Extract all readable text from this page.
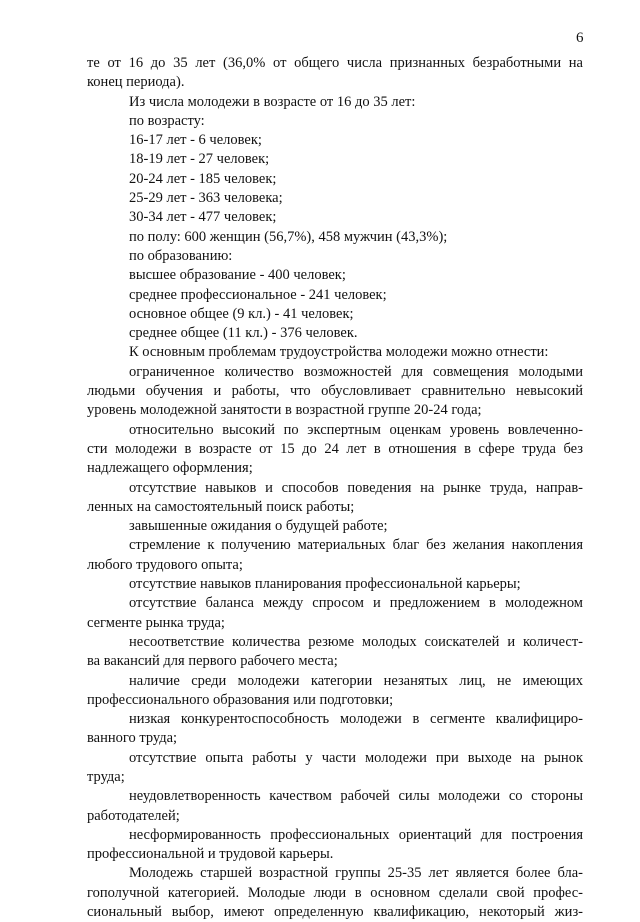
6

те от 16 до 35 лет (36,0% от общего числа признанных безработными на

конец периода).

Из числа молодежи в возрасте от 16 до 35 лет:

по возрасту:

16-17 лет - 6 человек;

18-19 лет - 27 человек;

20-24 лет - 185 человек;

25-29 лет - 363 человека;

30-34 лет - 477 человек;

по полу: 600 женщин (56,7%), 458 мужчин (43,3%);

по образованию:

высшее образование - 400 человек;

среднее профессиональное - 241 человек;

основное общее (9 кл.) - 41 человек;

среднее общее (11 кл.) - 376 человек.

К основным проблемам трудоустройства молодежи можно отнести:

ограниченное количество возможностей для совмещения молодыми

людьми обучения и работы, что обусловливает сравнительно невысокий

уровень молодежной занятости в возрастной группе 20-24 года;

относительно высокий по экспертным оценкам уровень вовлеченно-

сти молодежи в возрасте от 15 до 24 лет в отношения в сфере труда без

надлежащего оформления;

отсутствие навыков и способов поведения на рынке труда, направ-

ленных на самостоятельный поиск работы;

завышенные ожидания о будущей работе;

стремление к получению материальных благ без желания накопления

любого трудового опыта;

отсутствие навыков планирования профессиональной карьеры;

отсутствие баланса между спросом и предложением в молодежном

сегменте рынка труда;

несоответствие количества резюме молодых соискателей и количест-

ва вакансий для первого рабочего места;

наличие среди молодежи категории незанятых лиц, не имеющих

профессионального образования или подготовки;

низкая конкурентоспособность молодежи в сегменте квалифициро-

ванного труда;

отсутствие опыта работы у части молодежи при выходе на рынок

труда;

неудовлетворенность качеством рабочей силы молодежи со стороны

работодателей;

несформированность профессиональных ориентаций для построения

профессиональной и трудовой карьеры.

Молодежь старшей возрастной группы 25-35 лет является более бла-

гополучной категорией. Молодые люди в основном сделали свой профес-

сиональный выбор, имеют определенную квалификацию, некоторый жиз-
